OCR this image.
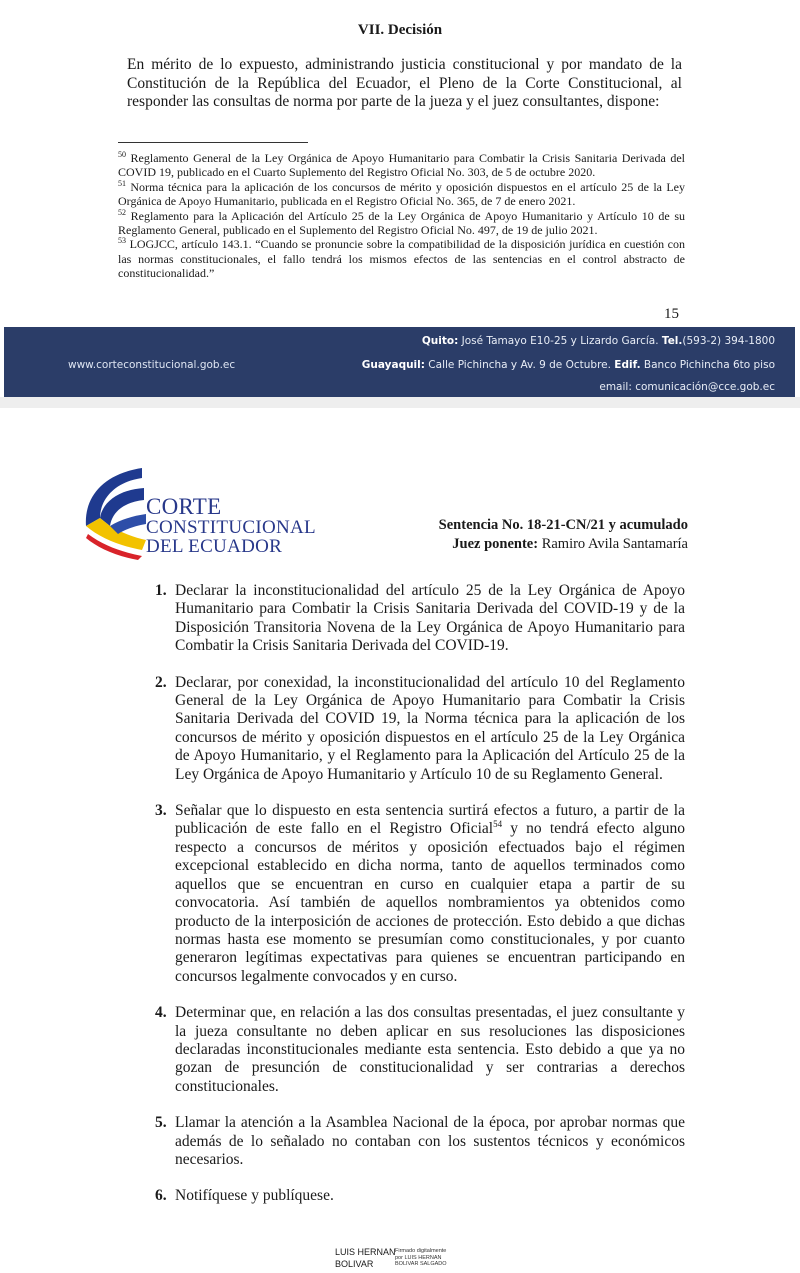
VII. Decisión
En mérito de lo expuesto, administrando justicia constitucional y por mandato de la Constitución de la República del Ecuador, el Pleno de la Corte Constitucional, al responder las consultas de norma por parte de la jueza y el juez consultantes, dispone:

$^{50}$ Reglamento General de la Ley Orgánica de Apoyo Humanitario para Combatir la Crisis Sanitaria Derivada del COVID 19, publicado en el Cuarto Suplemento del Registro Oficial No. 303, de 5 de octubre 2020.

$^{51}$ Norma técnica para la aplicación de los concursos de mérito y oposición dispuestos en el artículo 25 de la Ley Orgánica de Apoyo Humanitario, publicada en el Registro Oficial No. 365, de 7 de enero 2021.

$^{52}$ Reglamento para la Aplicación del Artículo 25 de la Ley Orgánica de Apoyo Humanitario y Artículo 10 de su Reglamento General, publicado en el Suplemento del Registro Oficial No. 497, de 19 de julio 2021.

$^{53}$ LOGJCC, artículo 143.1. “Cuando se pronuncie sobre la compatibilidad de la disposición jurídica en cuestión con las normas constitucionales, el fallo tendrá los mismos efectos de las sentencias en el control abstracto de constitucionalidad.”

15
www.corteconstitucional.gob.ec
Quito: José Tamayo E10-25 y Lizardo García. Tel.(593-2) 394-1800
Guayaquil: Calle Pichincha y Av. 9 de Octubre. Edif. Banco Pichincha 6to piso
email: comunicación@cce.gob.ec
CORTE
CONSTITUCIONAL
DEL ECUADOR
Sentencia No. 18-21-CN/21 y acumulado
Juez ponente: Ramiro Avila Santamaría
1. Declarar la inconstitucionalidad del artículo 25 de la Ley Orgánica de Apoyo Humanitario para Combatir la Crisis Sanitaria Derivada del COVID-19 y de la Disposición Transitoria Novena de la Ley Orgánica de Apoyo Humanitario para Combatir la Crisis Sanitaria Derivada del COVID-19.
2. Declarar, por conexidad, la inconstitucionalidad del artículo 10 del Reglamento General de la Ley Orgánica de Apoyo Humanitario para Combatir la Crisis Sanitaria Derivada del COVID 19, la Norma técnica para la aplicación de los concursos de mérito y oposición dispuestos en el artículo 25 de la Ley Orgánica de Apoyo Humanitario, y el Reglamento para la Aplicación del Artículo 25 de la Ley Orgánica de Apoyo Humanitario y Artículo 10 de su Reglamento General.
3. Señalar que lo dispuesto en esta sentencia surtirá efectos a futuro, a partir de la publicación de este fallo en el Registro Oficial$^{54}$ y no tendrá efecto alguno respecto a concursos de méritos y oposición efectuados bajo el régimen excepcional establecido en dicha norma, tanto de aquellos terminados como aquellos que se encuentran en curso en cualquier etapa a partir de su convocatoria. Así también de aquellos nombramientos ya obtenidos como producto de la interposición de acciones de protección. Esto debido a que dichas normas hasta ese momento se presumían como constitucionales, y por cuanto generaron legítimas expectativas para quienes se encuentran participando en concursos legalmente convocados y en curso.
4. Determinar que, en relación a las dos consultas presentadas, el juez consultante y la jueza consultante no deben aplicar en sus resoluciones las disposiciones declaradas inconstitucionales mediante esta sentencia. Esto debido a que ya no gozan de presunción de constitucionalidad y ser contrarias a derechos constitucionales.
5. Llamar la atención a la Asamblea Nacional de la época, por aprobar normas que además de lo señalado no contaban con los sustentos técnicos y económicos necesarios.
6. Notifíquese y publíquese.
LUIS HERNAN
BOLIVAR
Firmado digitalmente
por LUIS HERNAN
BOLIVAR SALGADO
